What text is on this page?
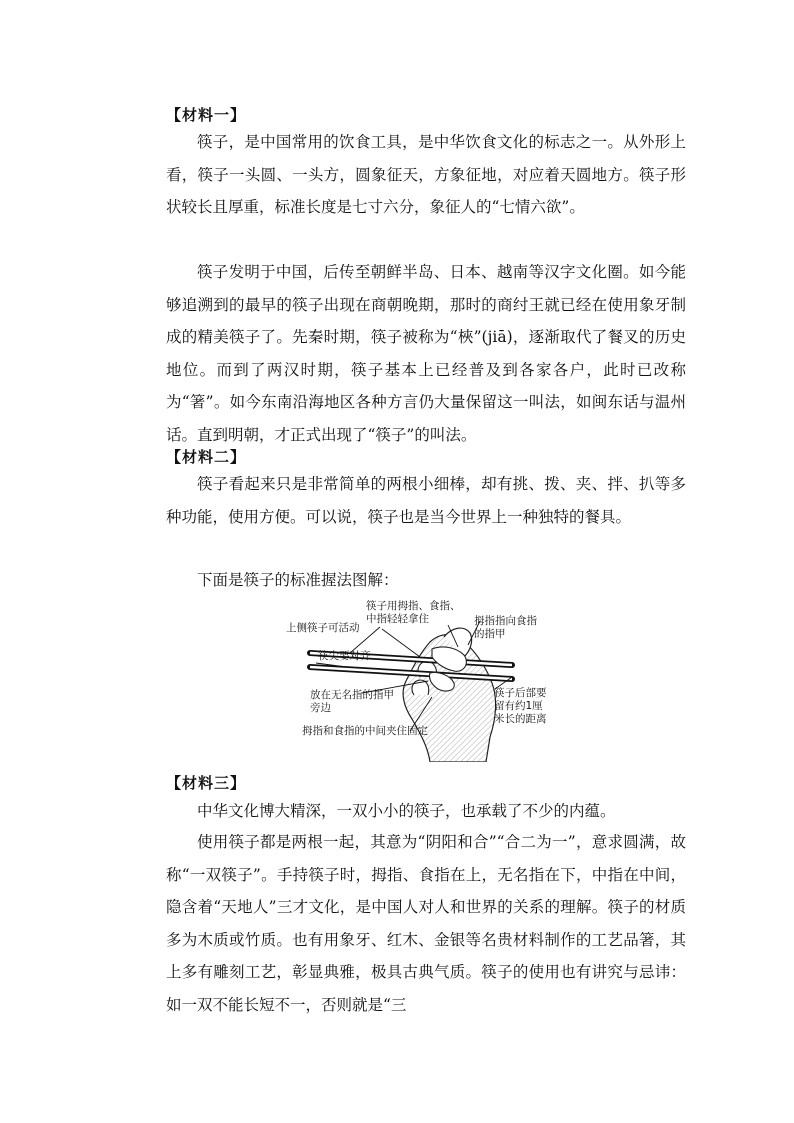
【材料一】
筷子，是中国常用的饮食工具，是中华饮食文化的标志之一。从外形上看，筷子一头圆、一头方，圆象征天，方象征地，对应着天圆地方。筷子形状较长且厚重，标准长度是七寸六分，象征人的“七情六欲”。
筷子发明于中国，后传至朝鲜半岛、日本、越南等汉字文化圈。如今能够追溯到的最早的筷子出现在商朝晚期，那时的商纣王就已经在使用象牙制成的精美筷子了。先秦时期，筷子被称为“梜”(jiā)，逐渐取代了餐叉的历史地位。而到了两汉时期，筷子基本上已经普及到各家各户，此时已改称为“箸”。如今东南沿海地区各种方言仍大量保留这一叫法，如闽东话与温州话。直到明朝，才正式出现了“筷子”的叫法。
【材料二】
筷子看起来只是非常简单的两根小细棒，却有挑、拨、夹、拌、扒等多种功能，使用方便。可以说，筷子也是当今世界上一种独特的餐具。
下面是筷子的标准握法图解：
筷子用拇指、食指、
中指轻轻拿住
上侧筷子可活动
拇指指向食指
的指甲
筷尖要对齐
放在无名指的指甲
旁边
筷子后部要
留有约1厘
米长的距离
拇指和食指的中间夹住固定
【材料三】
中华文化博大精深，一双小小的筷子，也承载了不少的内蕴。
使用筷子都是两根一起，其意为“阴阳和合”“合二为一”，意求圆满，故称“一双筷子”。手持筷子时，拇指、食指在上，无名指在下，中指在中间，隐含着“天地人”三才文化，是中国人对人和世界的关系的理解。筷子的材质多为木质或竹质。也有用象牙、红木、金银等名贵材料制作的工艺品箸，其上多有雕刻工艺，彰显典雅，极具古典气质。筷子的使用也有讲究与忌讳：如一双不能长短不一，否则就是“三
